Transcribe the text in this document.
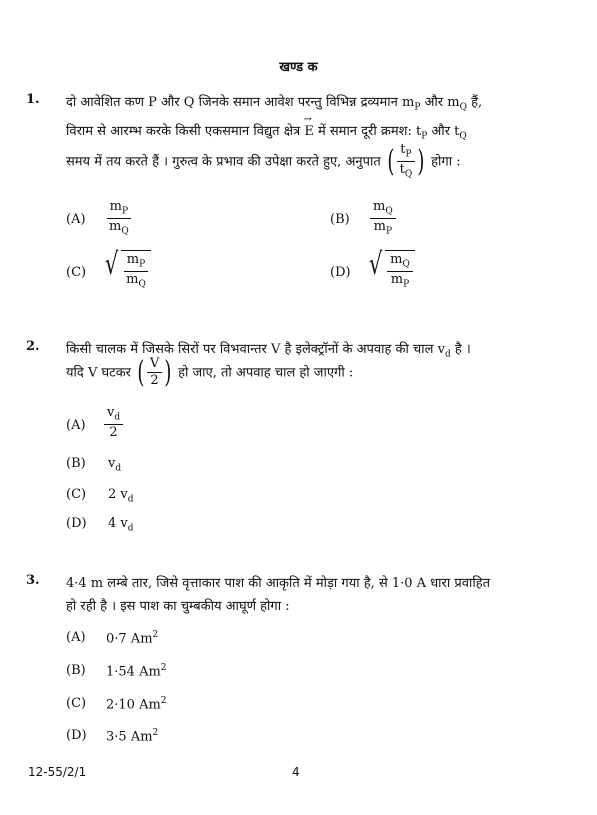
खण्ड क
1. दो आवेशित कण P और Q जिनके समान आवेश परन्तु विभिन्न द्रव्यमान $m_P$ और $m_Q$ हैं,
विराम से आरम्भ करके किसी एकसमान विद्युत क्षेत्र → E में समान दूरी क्रमश: $t_P$ और $t_Q$
समय में तय करते हैं । गुरुत्व के प्रभाव की उपेक्षा करते हुए, अनुपात ( $\frac{t_P}{t_Q}$ ) होगा :
$(A) \frac{m_P}{m_Q}$	$(B) \frac{m_Q}{m_P}$
(C) √ $\frac{m_P}{m_Q}$	(D) √ $\frac{m_Q}{m_P}$
2. किसी चालक में जिसके सिरों पर विभवान्तर V है इलेक्ट्रॉनों के अपवाह की चाल $v_d$ है ।
यदि V घटकर ( $\frac{V}{2}$ ) हो जाए, तो अपवाह चाल हो जाएगी :
$(A) \frac{v_d}{2}$
(B) $v_d$
(C) 2 $v_d$
(D) 4 $v_d$
3. 4·4 m लम्बे तार, जिसे वृत्ताकार पाश की आकृति में मोड़ा गया है, से 1·0 A धारा प्रवाहित
हो रही है । इस पाश का चुम्बकीय आघूर्ण होगा :
(A) 0·7 Am$^2$
(B) 1·54 Am$^2$
(C) 2·10 Am$^2$
(D) 3·5 Am$^2$
12-55/2/1	4
